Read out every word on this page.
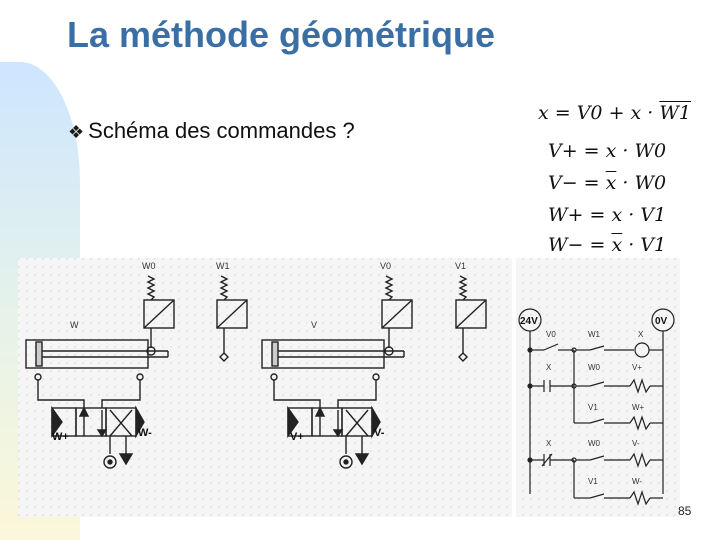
La méthode géométrique
❖ Schéma des commandes ?
x = V0 + x · W1
V+ = x · W0
$V- = \overline{x} \cdot W0$
W+ = x · V1
$W- = \overline{x} \cdot V1$
W0	W1	V0	V1
W	V
W+	W-	V+	V-
24V	0V
V0	W1	X
X	W0	V+
V1	W+
X	W0	V-
V1	W-
85
